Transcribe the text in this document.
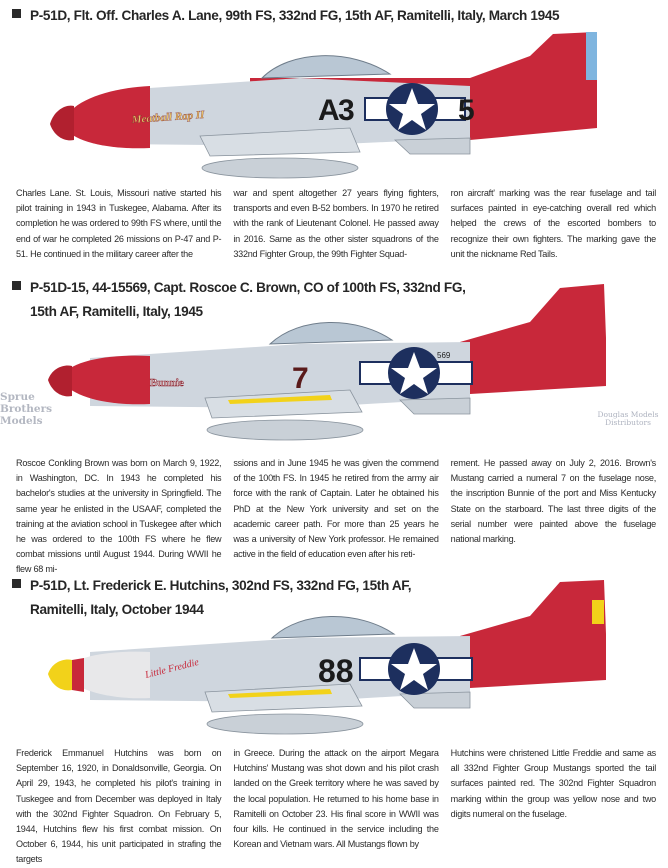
P-51D, Flt. Off. Charles A. Lane, 99th FS, 332nd FG, 15th AF, Ramitelli, Italy, March 1945
A
3	5
Meatball Rap II

Charles Lane. St. Louis, Missouri native started his pilot training in 1943 in Tuskegee, Alabama. After its completion he was ordered to 99th FS where, until the end of war he completed 26 missions on P-47 and P-51. He continued in the military career after the

war and spent altogether 27 years flying fighters, transports and even B-52 bombers. In 1970 he retired with the rank of Lieutenant Colonel. He passed away in 2016. Same as the other sister squadrons of the 332nd Fighter Group, the 99th Fighter Squad-

ron aircraft' marking was the rear fuselage and tail surfaces painted in eye-catching overall red which helped the crews of the escorted bombers to recognize their own fighters. The marking gave the unit the nickname Red Tails.

P-51D-15, 44-15569, Capt. Roscoe C. Brown, CO of 100th FS, 332nd FG,
15th AF, Ramitelli, Italy, 1945
569
7
Bunnie
Sprue Brothers Models
Douglas Models Distributors

Roscoe Conkling Brown was born on March 9, 1922, in Washington, DC. In 1943 he completed his bachelor's studies at the university in Springfield. The same year he enlisted in the USAAF, completed the training at the aviation school in Tuskegee after which he was ordered to the 100th FS where he flew combat missions until August 1944. During WWII he flew 68 mi-

ssions and in June 1945 he was given the commend of the 100th FS. In 1945 he retired from the army air force with the rank of Captain. Later he obtained his PhD at the New York university and set on the academic career path. For more than 25 years he was a university of New York professor. He remained active in the field of education even after his reti-

rement. He passed away on July 2, 2016. Brown's Mustang carried a numeral 7 on the fuselage nose, the inscription Bunnie of the port and Miss Kentucky State on the starboard. The last three digits of the serial number were painted above the fuselage national marking.

P-51D, Lt. Frederick E. Hutchins, 302nd FS, 332nd FG, 15th AF,
Ramitelli, Italy, October 1944
88
Little Freddie

Frederick Emmanuel Hutchins was born on September 16, 1920, in Donaldsonville, Georgia. On April 29, 1943, he completed his pilot's training in Tuskegee and from December was deployed in Italy with the 302nd Fighter Squadron. On February 5, 1944, Hutchins flew his first combat mission. On October 6, 1944, his unit participated in strafing the targets

in Greece. During the attack on the airport Megara Hutchins' Mustang was shot down and his pilot crash landed on the Greek territory where he was saved by the local population. He returned to his home base in Ramitelli on October 23. His final score in WWII was four kills. He continued in the service including the Korean and Vietnam wars. All Mustangs flown by

Hutchins were christened Little Freddie and same as all 332nd Fighter Group Mustangs sported the tail surfaces painted red. The 302nd Fighter Squadron marking within the group was yellow nose and two digits numeral on the fuselage.
